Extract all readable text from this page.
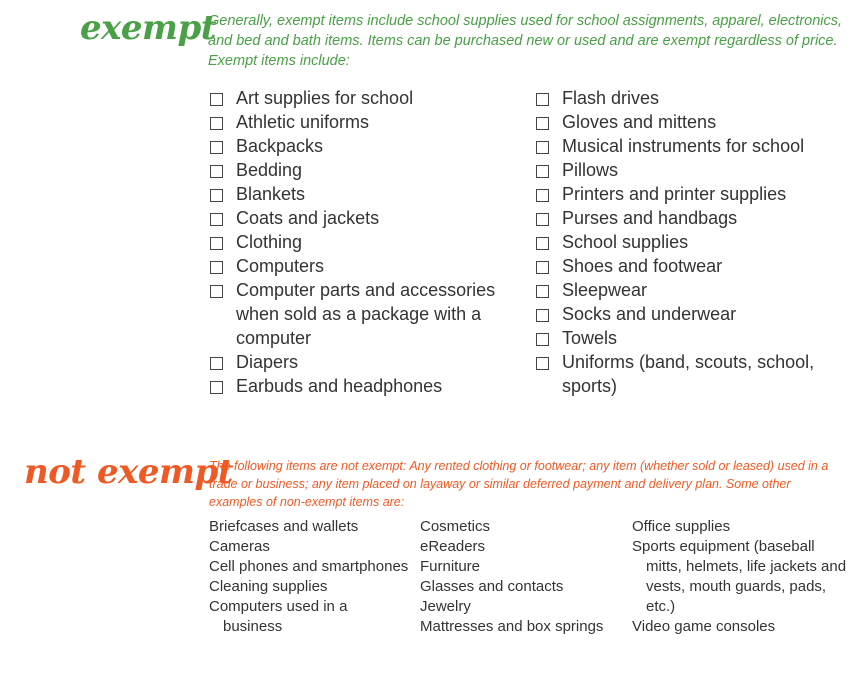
exempt

Generally, exempt items include school supplies used for school assignments, apparel, electronics, and bed and bath items. Items can be purchased new or used and are exempt regardless of price. Exempt items include:

Art supplies for school
Athletic uniforms
Backpacks
Bedding
Blankets
Coats and jackets
Clothing
Computers
Computer parts and accessories when sold as a package with a computer
Diapers
Earbuds and headphones
Flash drives
Gloves and mittens
Musical instruments for school
Pillows
Printers and printer supplies
Purses and handbags
School supplies
Shoes and footwear
Sleepwear
Socks and underwear
Towels
Uniforms (band, scouts, school, sports)
not exempt

The following items are not exempt: Any rented clothing or footwear; any item (whether sold or leased) used in a trade or business; any item placed on layaway or similar deferred payment and delivery plan. Some other examples of non-exempt items are:

Briefcases and wallets
Cameras
Cell phones and smartphones
Cleaning supplies
Computers used in a business
Cosmetics
eReaders
Furniture
Glasses and contacts
Jewelry
Mattresses and box springs
Office supplies
Sports equipment (baseball mitts, helmets, life jackets and vests, mouth guards, pads, etc.)
Video game consoles
